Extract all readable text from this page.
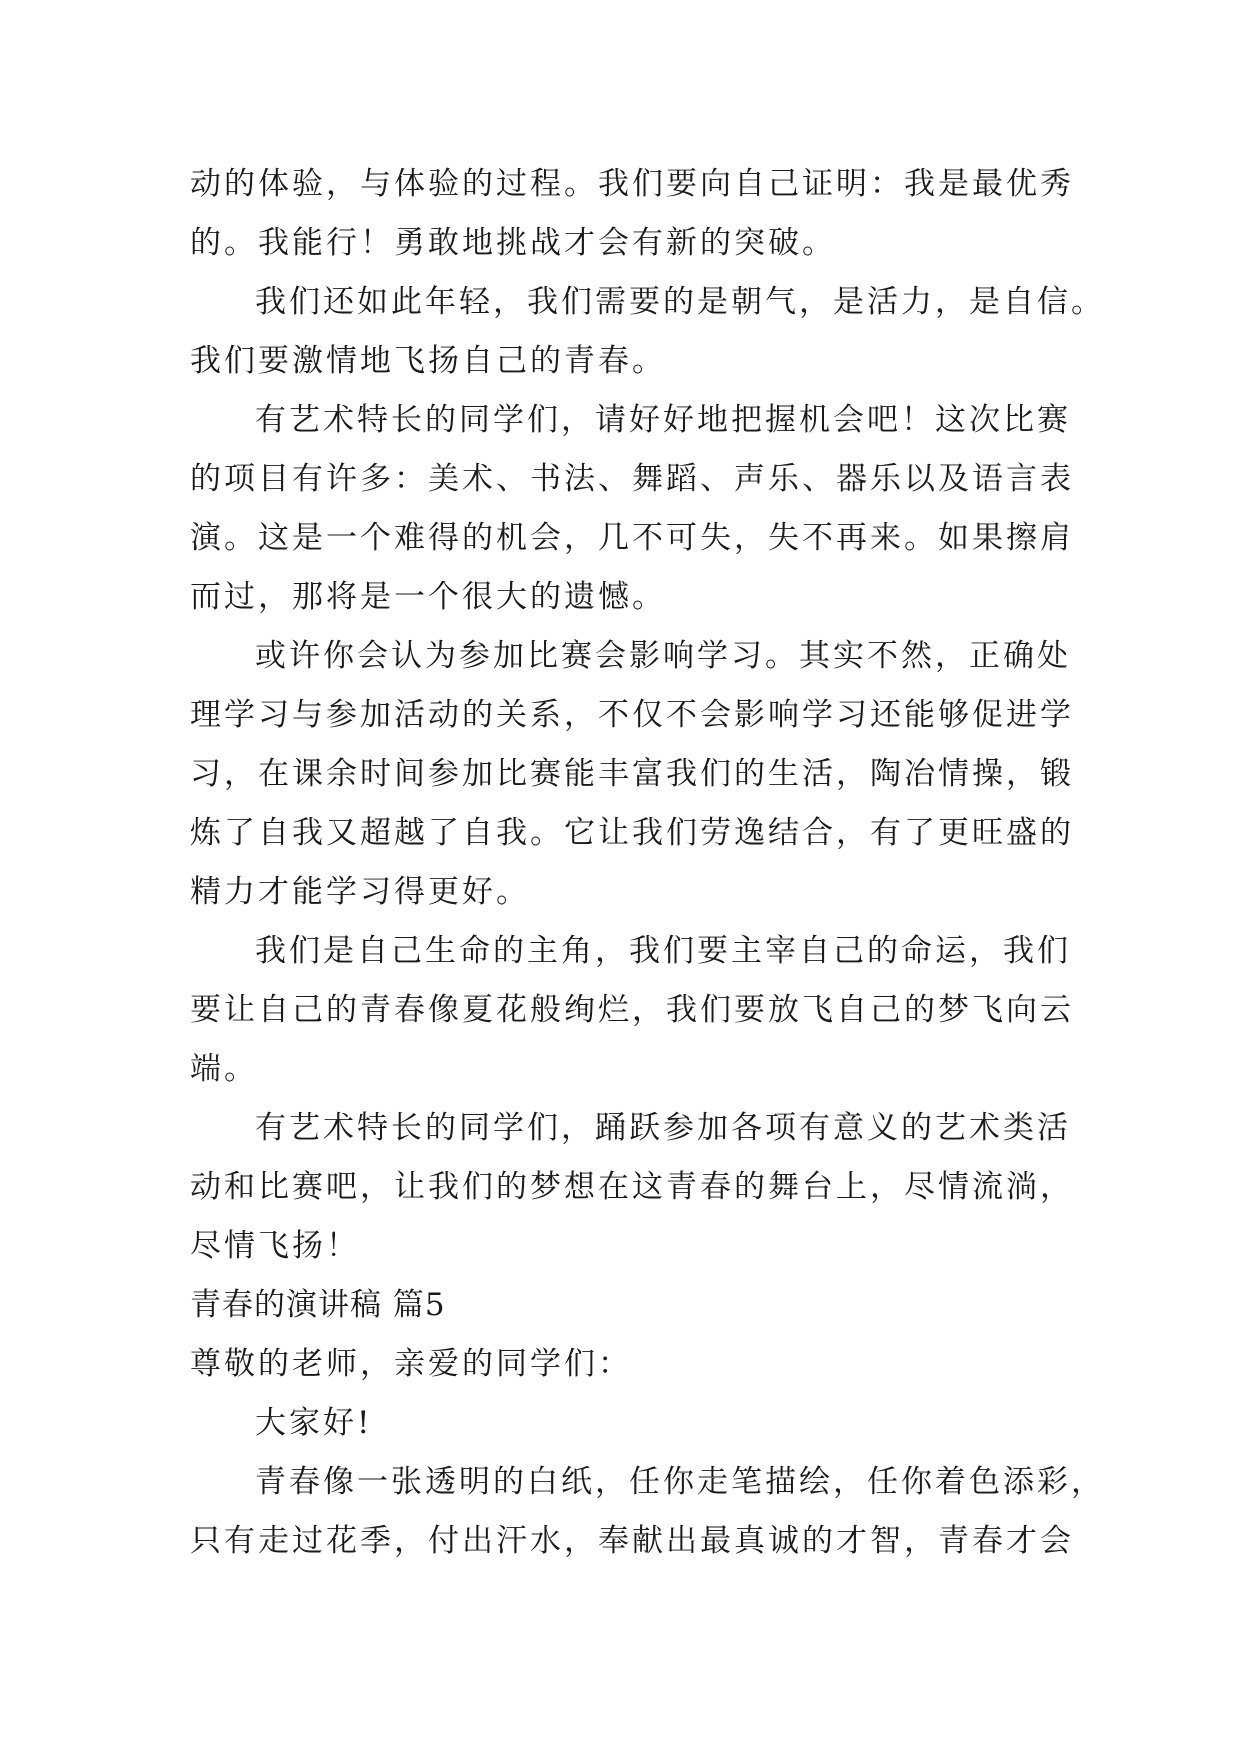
动的体验，与体验的过程。我们要向自己证明：我是最优秀
的。我能行！勇敢地挑战才会有新的突破。
我们还如此年轻，我们需要的是朝气，是活力，是自信。
我们要激情地飞扬自己的青春。
有艺术特长的同学们，请好好地把握机会吧！这次比赛
的项目有许多：美术、书法、舞蹈、声乐、器乐以及语言表
演。这是一个难得的机会，几不可失，失不再来。如果擦肩
而过，那将是一个很大的遗憾。
或许你会认为参加比赛会影响学习。其实不然，正确处
理学习与参加活动的关系，不仅不会影响学习还能够促进学
习，在课余时间参加比赛能丰富我们的生活，陶冶情操，锻
炼了自我又超越了自我。它让我们劳逸结合，有了更旺盛的
精力才能学习得更好。
我们是自己生命的主角，我们要主宰自己的命运，我们
要让自己的青春像夏花般绚烂，我们要放飞自己的梦飞向云
端。
有艺术特长的同学们，踊跃参加各项有意义的艺术类活
动和比赛吧，让我们的梦想在这青春的舞台上，尽情流淌，
尽情飞扬！
青春的演讲稿 篇5
尊敬的老师，亲爱的同学们：
大家好!
青春像一张透明的白纸，任你走笔描绘，任你着色添彩，
只有走过花季，付出汗水，奉献出最真诚的才智，青春才会
